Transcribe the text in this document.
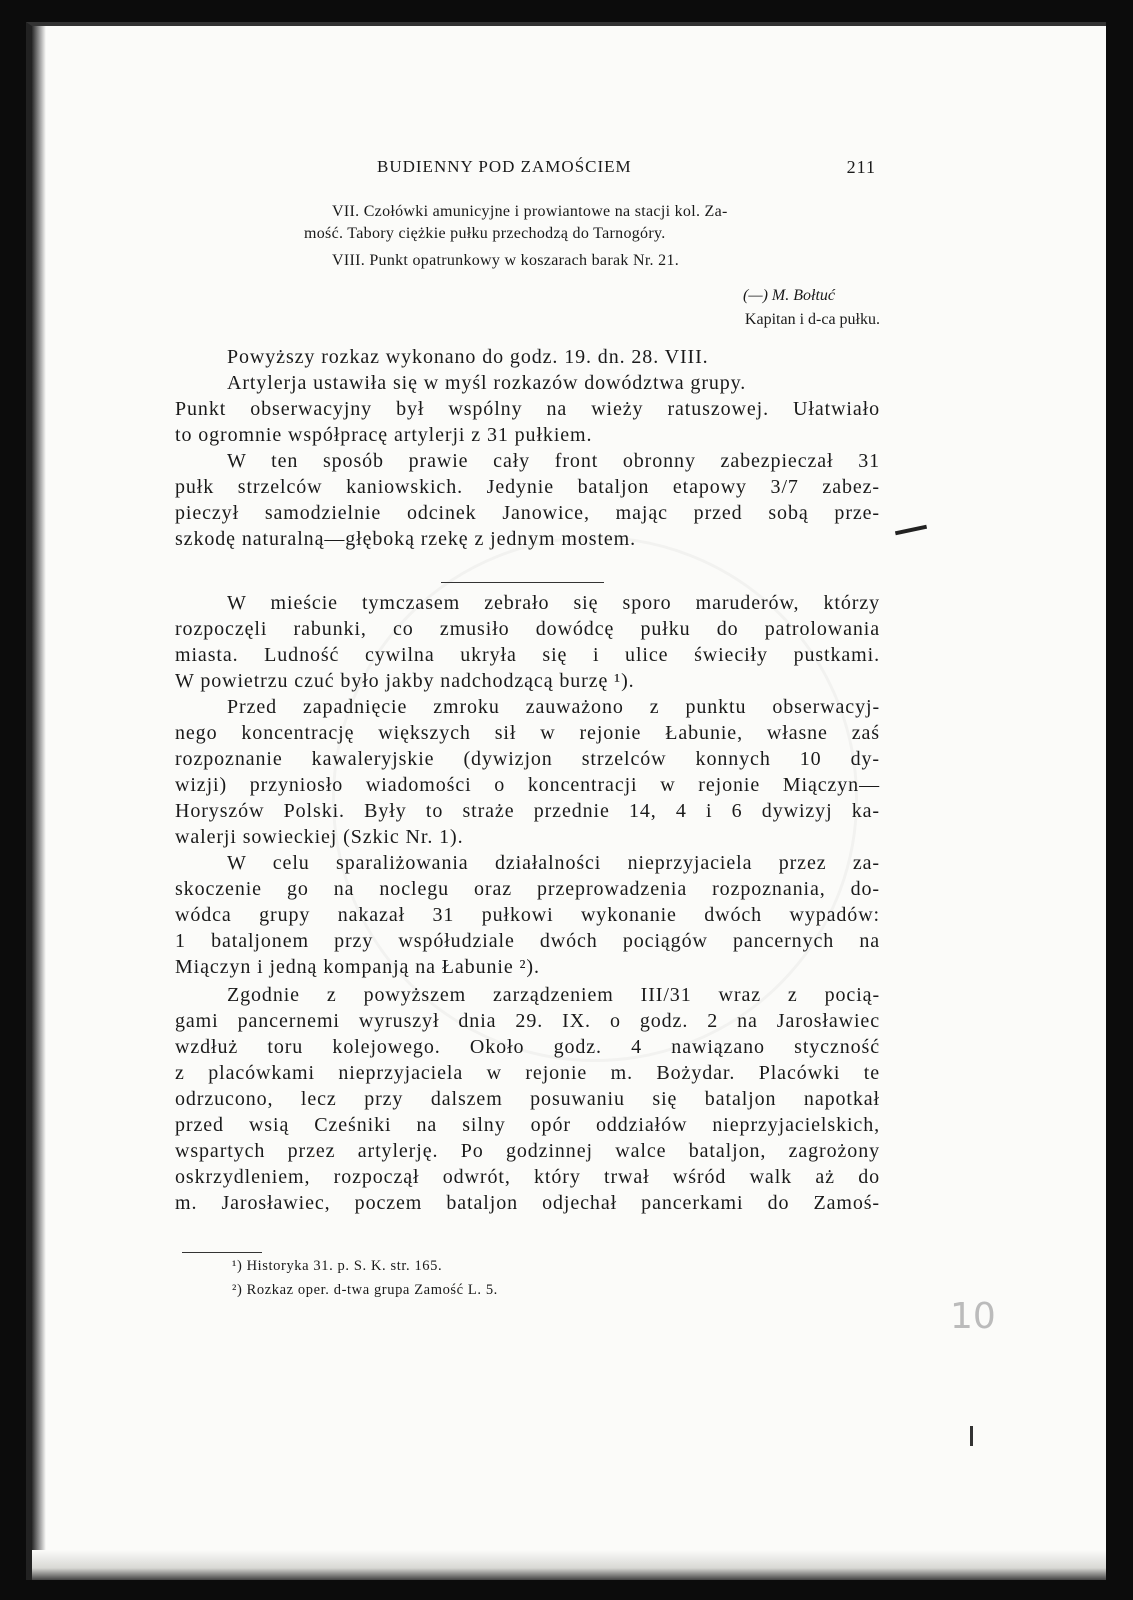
BUDIENNY POD ZAMOŚCIEM	211
VII. Czołówki amunicyjne i prowiantowe na stacji kol. Za-
mość. Tabory ciężkie pułku przechodzą do Tarnogóry.
VIII. Punkt opatrunkowy w koszarach barak Nr. 21.
(—) M. Bołtuć
Kapitan i d-ca pułku.
Powyższy rozkaz wykonano do godz. 19. dn. 28. VIII.
Artylerja ustawiła się w myśl rozkazów dowództwa grupy.
Punkt obserwacyjny był wspólny na wieży ratuszowej. Ułatwiało
to ogromnie współpracę artylerji z 31 pułkiem.
W ten sposób prawie cały front obronny zabezpieczał 31
pułk strzelców kaniowskich. Jedynie bataljon etapowy 3/7 zabez-
pieczył samodzielnie odcinek Janowice, mając przed sobą prze-
szkodę naturalną—głęboką rzekę z jednym mostem.
W mieście tymczasem zebrało się sporo maruderów, którzy
rozpoczęli rabunki, co zmusiło dowódcę pułku do patrolowania
miasta. Ludność cywilna ukryła się i ulice świeciły pustkami.
W powietrzu czuć było jakby nadchodzącą burzę ¹).
Przed zapadnięcie zmroku zauważono z punktu obserwacyj-
nego koncentrację większych sił w rejonie Łabunie, własne zaś
rozpoznanie kawaleryjskie (dywizjon strzelców konnych 10 dy-
wizji) przyniosło wiadomości o koncentracji w rejonie Miączyn—
Horyszów Polski. Były to straże przednie 14, 4 i 6 dywizyj ka-
walerji sowieckiej (Szkic Nr. 1).
W celu sparaliżowania działalności nieprzyjaciela przez za-
skoczenie go na noclegu oraz przeprowadzenia rozpoznania, do-
wódca grupy nakazał 31 pułkowi wykonanie dwóch wypadów:
1 bataljonem przy współudziale dwóch pociągów pancernych na
Miączyn i jedną kompanją na Łabunie ²).
Zgodnie z powyższem zarządzeniem III/31 wraz z pocią-
gami pancernemi wyruszył dnia 29. IX. o godz. 2 na Jarosławiec
wzdłuż toru kolejowego. Około godz. 4 nawiązano styczność
z placówkami nieprzyjaciela w rejonie m. Bożydar. Placówki te
odrzucono, lecz przy dalszem posuwaniu się bataljon napotkał
przed wsią Cześniki na silny opór oddziałów nieprzyjacielskich,
wspartych przez artylerję. Po godzinnej walce bataljon, zagrożony
oskrzydleniem, rozpoczął odwrót, który trwał wśród walk aż do
m. Jarosławiec, poczem bataljon odjechał pancerkami do Zamoś-
¹) Historyka 31. p. S. K. str. 165.
²) Rozkaz oper. d-twa grupa Zamość L. 5.
10
